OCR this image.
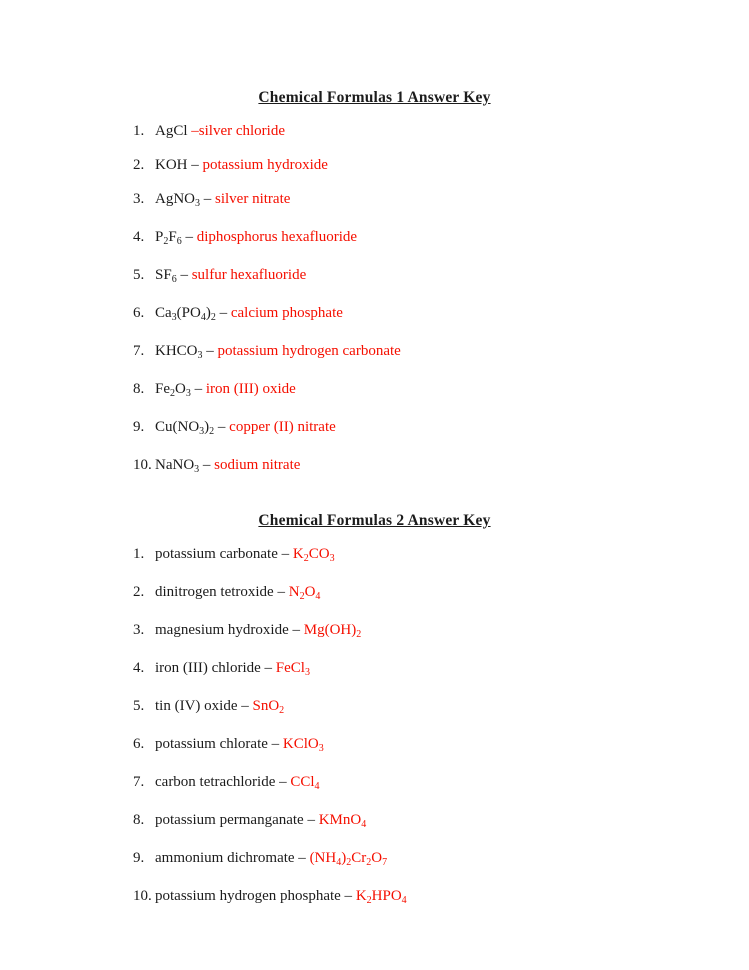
Chemical Formulas 1 Answer Key
1. AgCl –silver chloride
2. KOH – potassium hydroxide
3. AgNO$_3$ – silver nitrate
4. $P_2F_6$ – diphosphorus hexafluoride
5. $SF_6$ – sulfur hexafluoride
6. $Ca_3(PO_4)_2$ – calcium phosphate
7. $KHCO_3$ – potassium hydrogen carbonate
8. $Fe_2O_3$ – iron (III) oxide
9. $Cu(NO_3)_2$ – copper (II) nitrate
10. NaNO$_3$ – sodium nitrate
Chemical Formulas 2 Answer Key
1. potassium carbonate – $K_2CO_3$
2. dinitrogen tetroxide – $N_2O_4$
3. magnesium hydroxide – $Mg(OH)_2$
4. iron (III) chloride – FeCl$_3$
5. tin (IV) oxide – SnO$_2$
6. potassium chlorate – KClO$_3$
7. carbon tetrachloride – CCl$_4$
8. potassium permanganate – KMnO$_4$
9. ammonium dichromate – $(NH_4)_2Cr_2O_7$
10. potassium hydrogen phosphate – $K_2HPO_4$
